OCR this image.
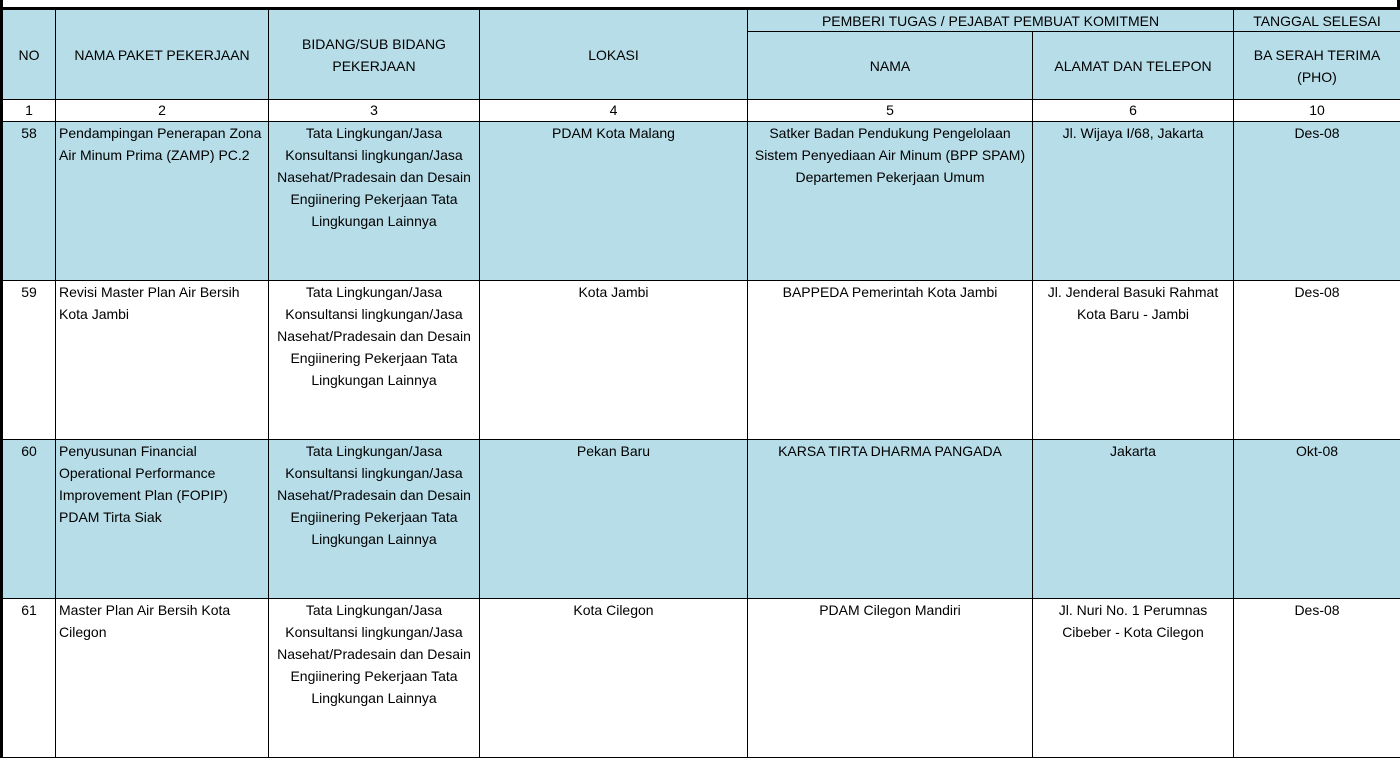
NO	NAMA PAKET PEKERJAAN	BIDANG/SUB BIDANG PEKERJAAN	LOKASI	PEMBERI TUGAS / PEJABAT PEMBUAT KOMITMEN		TANGGAL SELESAI
				NAMA	ALAMAT DAN TELEPON	BA SERAH TERIMA (PHO)
1	2	3	4	5	6	10
58	Pendampingan Penerapan Zona Air Minum Prima (ZAMP) PC.2	Tata Lingkungan/Jasa Konsultansi lingkungan/Jasa Nasehat/Pradesain dan Desain Engiinering Pekerjaan Tata Lingkungan Lainnya	PDAM Kota Malang	Satker Badan Pendukung Pengelolaan Sistem Penyediaan Air Minum (BPP SPAM) Departemen Pekerjaan Umum	Jl. Wijaya I/68, Jakarta	Des-08
59	Revisi Master Plan Air Bersih Kota Jambi	Tata Lingkungan/Jasa Konsultansi lingkungan/Jasa Nasehat/Pradesain dan Desain Engiinering Pekerjaan Tata Lingkungan Lainnya	Kota Jambi	BAPPEDA Pemerintah Kota Jambi	Jl. Jenderal Basuki Rahmat Kota Baru - Jambi	Des-08
60	Penyusunan Financial Operational Performance Improvement Plan (FOPIP) PDAM Tirta Siak	Tata Lingkungan/Jasa Konsultansi lingkungan/Jasa Nasehat/Pradesain dan Desain Engiinering Pekerjaan Tata Lingkungan Lainnya	Pekan Baru	KARSA TIRTA DHARMA PANGADA	Jakarta	Okt-08
61	Master Plan Air Bersih Kota Cilegon	Tata Lingkungan/Jasa Konsultansi lingkungan/Jasa Nasehat/Pradesain dan Desain Engiinering Pekerjaan Tata Lingkungan Lainnya	Kota Cilegon	PDAM Cilegon Mandiri	Jl. Nuri No. 1 Perumnas Cibeber - Kota Cilegon	Des-08
